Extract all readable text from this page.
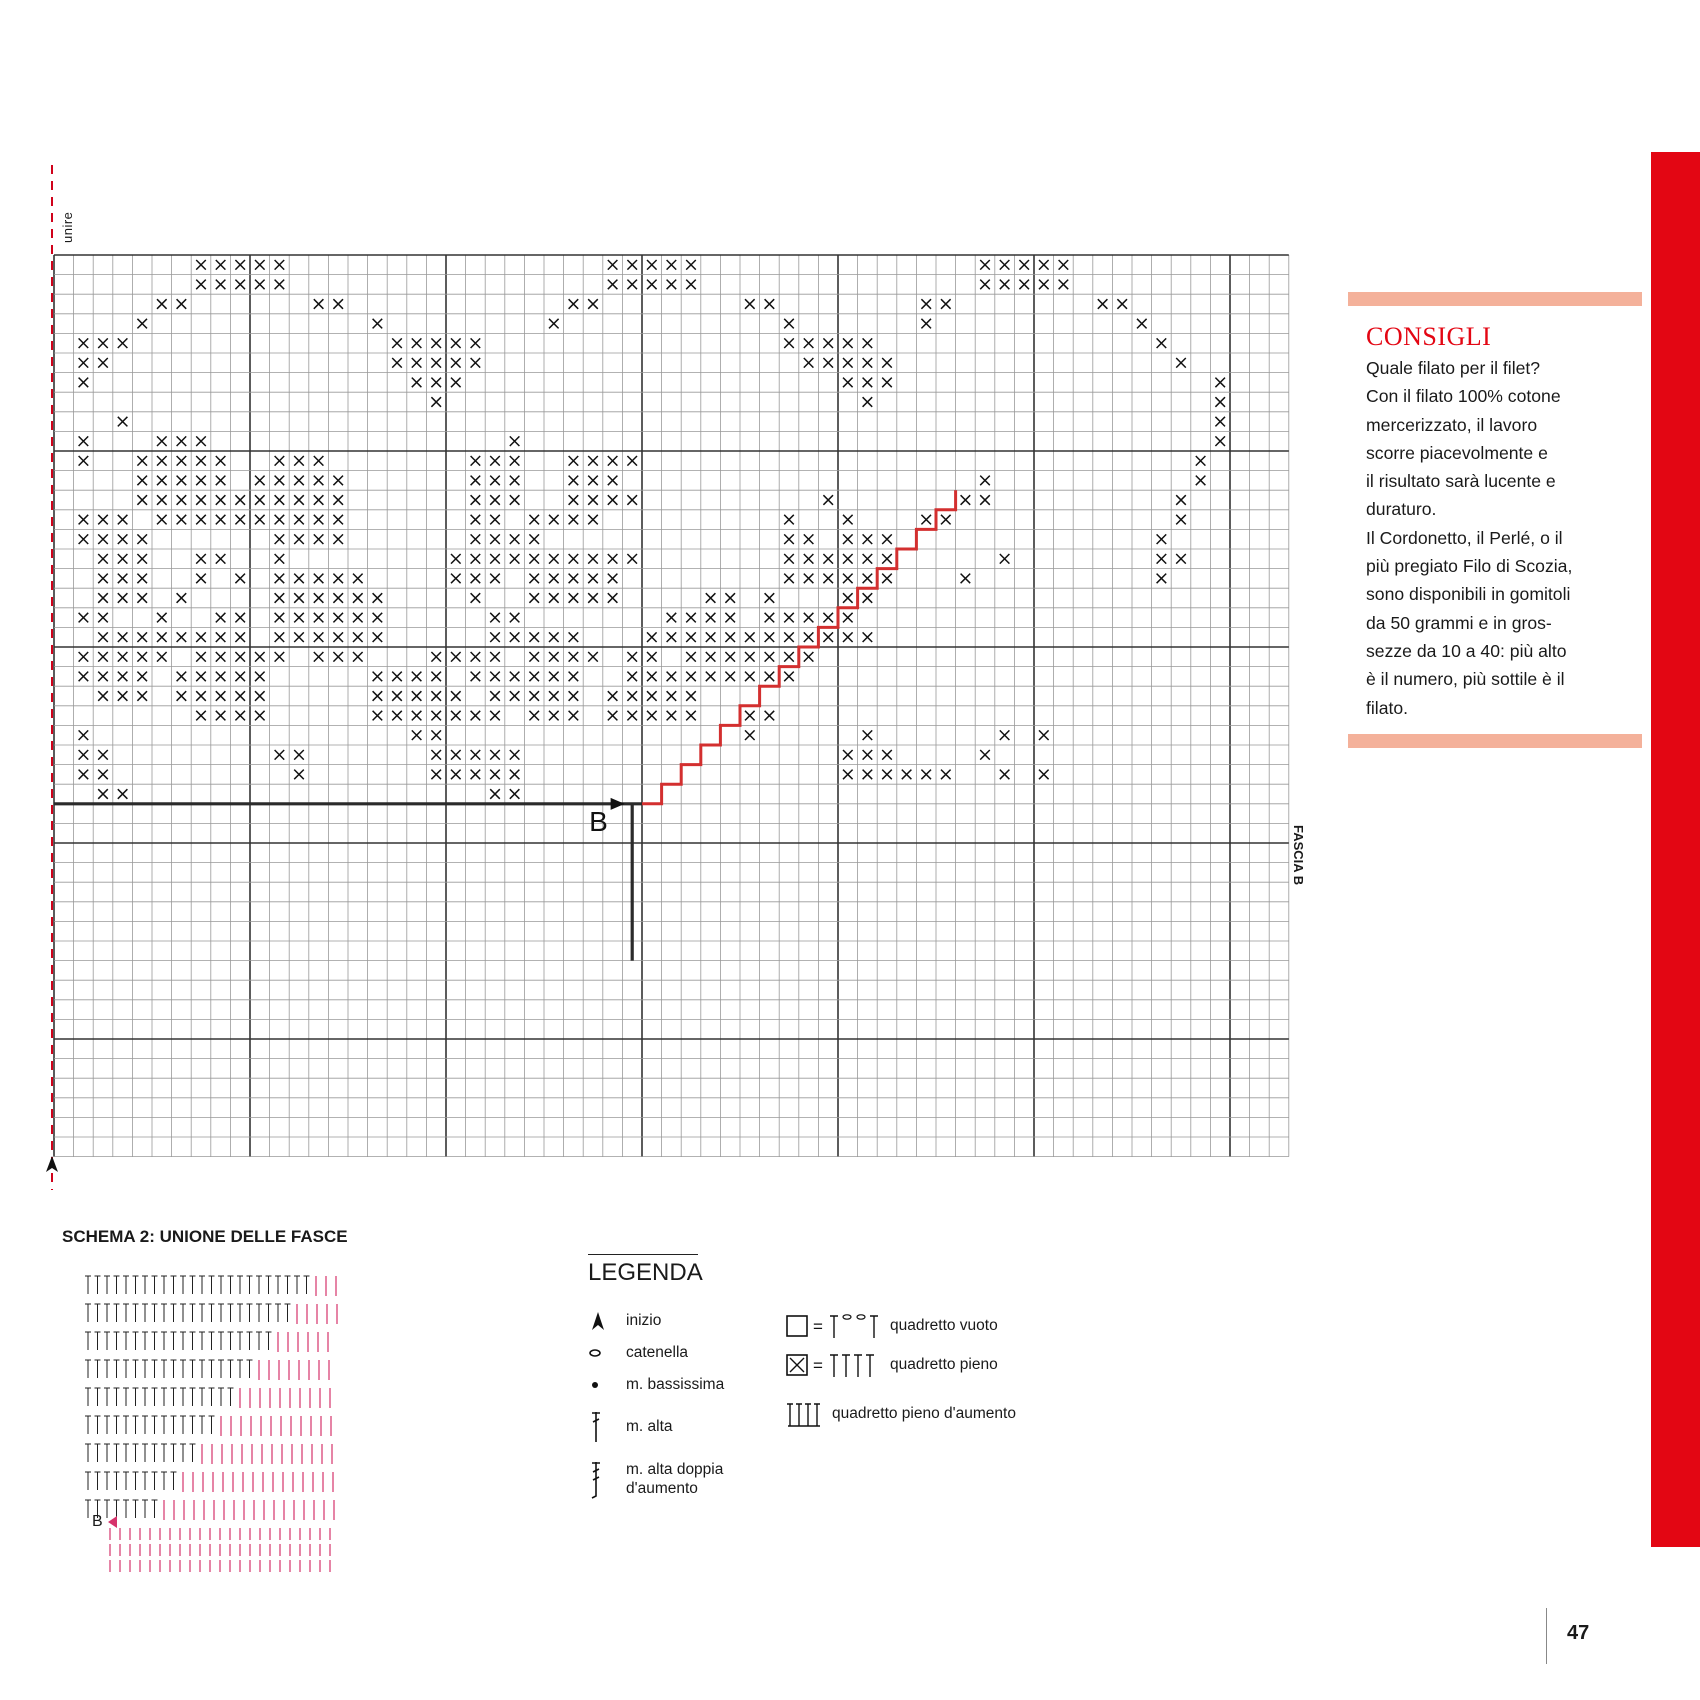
B
unire
FASCIA B
CONSIGLI

Quale filato per il filet?

Con il filato 100% cotone

mercerizzato, il lavoro

scorre piacevolmente e

il risultato sarà lucente e

duraturo.

Il Cordonetto, il Perlé, o il

più pregiato Filo di Scozia,

sono disponibili in gomitoli

da 50 grammi e in gros-

sezze da 10 a 40: più alto

è il numero, più sottile è il

filato.

SCHEMA 2: UNIONE DELLE FASCE
B
LEGENDA
inizio
catenella
m. bassissima
m. alta
m. alta doppia
d'aumento
=	quadretto vuoto
=	quadretto pieno
quadretto pieno d'aumento
47
